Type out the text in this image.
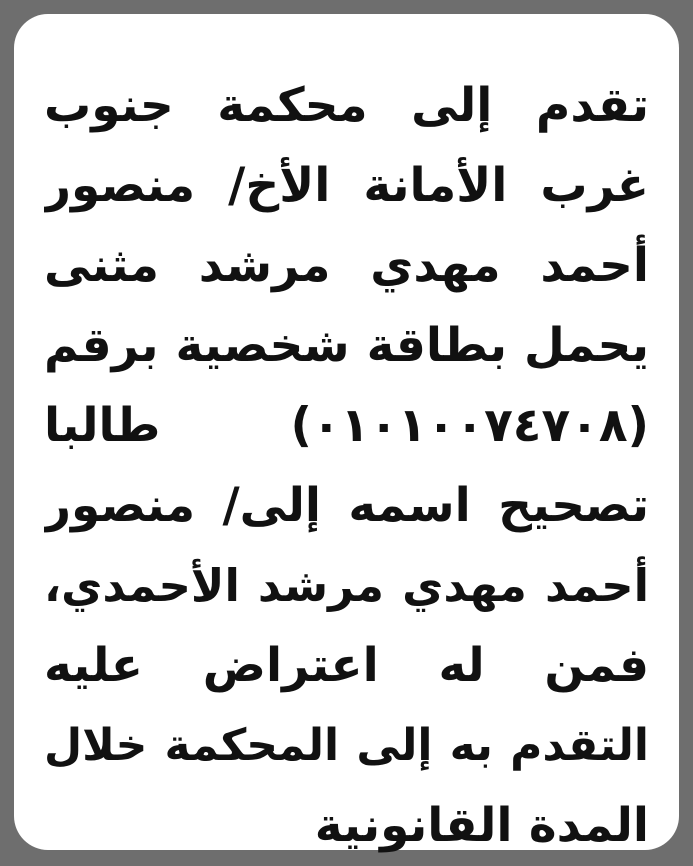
تقدم إلى محكمة جنوب
غرب الأمانة الأخ/ منصور
أحمد مهدي مرشد مثنى
يحمل بطاقة شخصية برقم
(٠١٠١٠٠٧٤٧٠٨) طالبا
تصحيح اسمه إلى/ منصور
أحمد مهدي مرشد الأحمدي،
فمن له اعتراض عليه
التقدم به إلى المحكمة خلال
المدة القانونية
